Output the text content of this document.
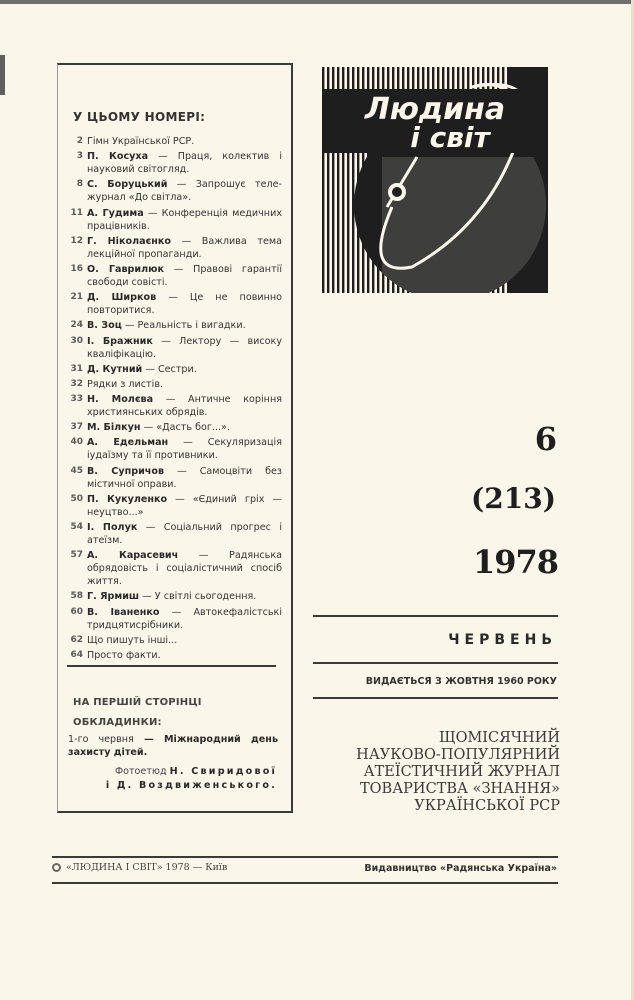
У ЦЬОМУ НОМЕРІ:
2 Гімн Української РСР.
3 П. Косуха — Праця, колектив і науковий світогляд.
8 С. Боруцький — Запрошує теле-журнал «До світла».
11 А. Гудима — Конференція медичних працівників.
12 Г. Ніколаєнко — Важлива тема лекційної пропаганди.
16 О. Гаврилюк — Правові гарантії свободи совісті.
21 Д. Ширков — Це не повинно повторитися.
24 В. Зоц — Реальність і вигадки.
30 І. Бражник — Лектору — високу кваліфікацію.
31 Д. Кутний — Сестри.
32 Рядки з листів.
33 Н. Молєва — Античне коріння християнських обрядів.
37 М. Білкун — «Дасть бог...».
40 А. Едельман — Секуляризація іудаїзму та її противники.
45 В. Супричов — Самоцвіти без містичної оправи.
50 П. Кукуленко — «Єдиний гріх — неуцтво...»
54 І. Полук — Соціальний прогрес і атеїзм.
57 А. Карасевич — Радянська обрядовість і соціалістичний спосіб життя.
58 Г. Ярмиш — У світлі сьогодення.
60 В. Іваненко — Автокефалістські тридцятисрібники.
62 Що пишуть інші...
64 Просто факти.
НА ПЕРШІЙ СТОРІНЦІ
ОБКЛАДИНКИ:
1-го червня — Міжнародний день захисту дітей.
Фотоетюд Н. Свиридової
і Д. Воздвиженського.
Людина
і світ
6
(213)
1978
ЧЕРВЕНЬ
ВИДАЄТЬСЯ З ЖОВТНЯ 1960 РОКУ
ЩОМІСЯЧНИЙ
НАУКОВО-ПОПУЛЯРНИЙ
АТЕЇСТИЧНИЙ ЖУРНАЛ
ТОВАРИСТВА «ЗНАННЯ»
УКРАЇНСЬКОЇ РСР
«ЛЮДИНА І СВІТ» 1978 — Київ	Видавництво «Радянська Україна»
